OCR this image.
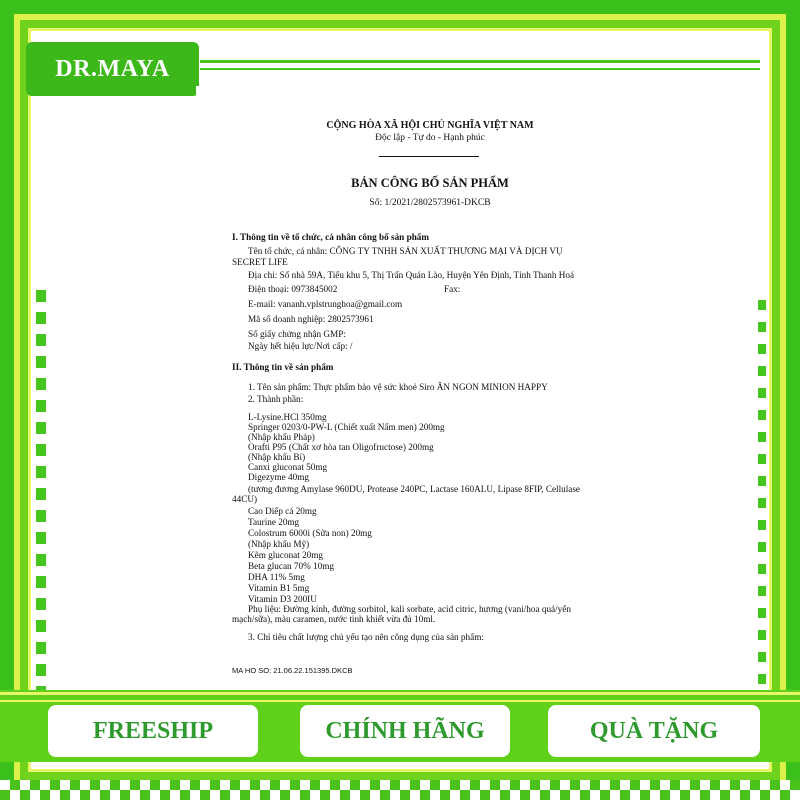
DR.MAYA
CỘNG HÒA XÃ HỘI CHỦ NGHĨA VIỆT NAM
Độc lập - Tự do - Hạnh phúc
BẢN CÔNG BỐ SẢN PHẨM
Số: 1/2021/2802573961-DKCB
I. Thông tin về tổ chức, cá nhân công bố sản phẩm
Tên tổ chức, cá nhân: CÔNG TY TNHH SẢN XUẤT THƯƠNG MẠI VÀ DỊCH VỤ
SECRET LIFE
Địa chỉ: Số nhà 59A, Tiểu khu 5, Thị Trấn Quán Lào, Huyện Yên Định, Tỉnh Thanh Hoá
Điện thoại: 0973845002	Fax:
E-mail: vananh.vplstrunghoa@gmail.com
Mã số doanh nghiệp: 2802573961
Số giấy chứng nhận GMP:
Ngày hết hiệu lực/Nơi cấp: /
II. Thông tin về sản phẩm
1. Tên sản phẩm: Thực phẩm bảo vệ sức khoẻ Siro ĂN NGON MINION HAPPY
2. Thành phần:
L-Lysine.HCl 350mg
Springer 0203/0-PW-L (Chiết xuất Nấm men) 200mg
(Nhập khẩu Pháp)
Orafti P95 (Chất xơ hòa tan Oligofructose) 200mg
(Nhập khẩu Bỉ)
Canxi gluconat 50mg
Digezyme 40mg
(tương đương Amylase 960DU, Protease 240PC, Lactase 160ALU, Lipase 8FIP, Cellulase
44CU)
Cao Diếp cá 20mg
Taurine 20mg
Colostrum 6000i (Sữa non) 20mg
(Nhập khẩu Mỹ)
Kẽm gluconat 20mg
Beta glucan 70% 10mg
DHA 11% 5mg
Vitamin B1 5mg
Vitamin D3 200IU
Phụ liệu: Đường kính, đường sorbitol, kali sorbate, acid citric, hương (vani/hoa quả/yến
mạch/sữa), màu caramen, nước tinh khiết vừa đủ 10ml.
3. Chỉ tiêu chất lượng chủ yếu tạo nên công dụng của sản phẩm:
MA HO SO: 21.06.22.151395.DKCB
FREESHIP	CHÍNH HÃNG	QUÀ TẶNG
